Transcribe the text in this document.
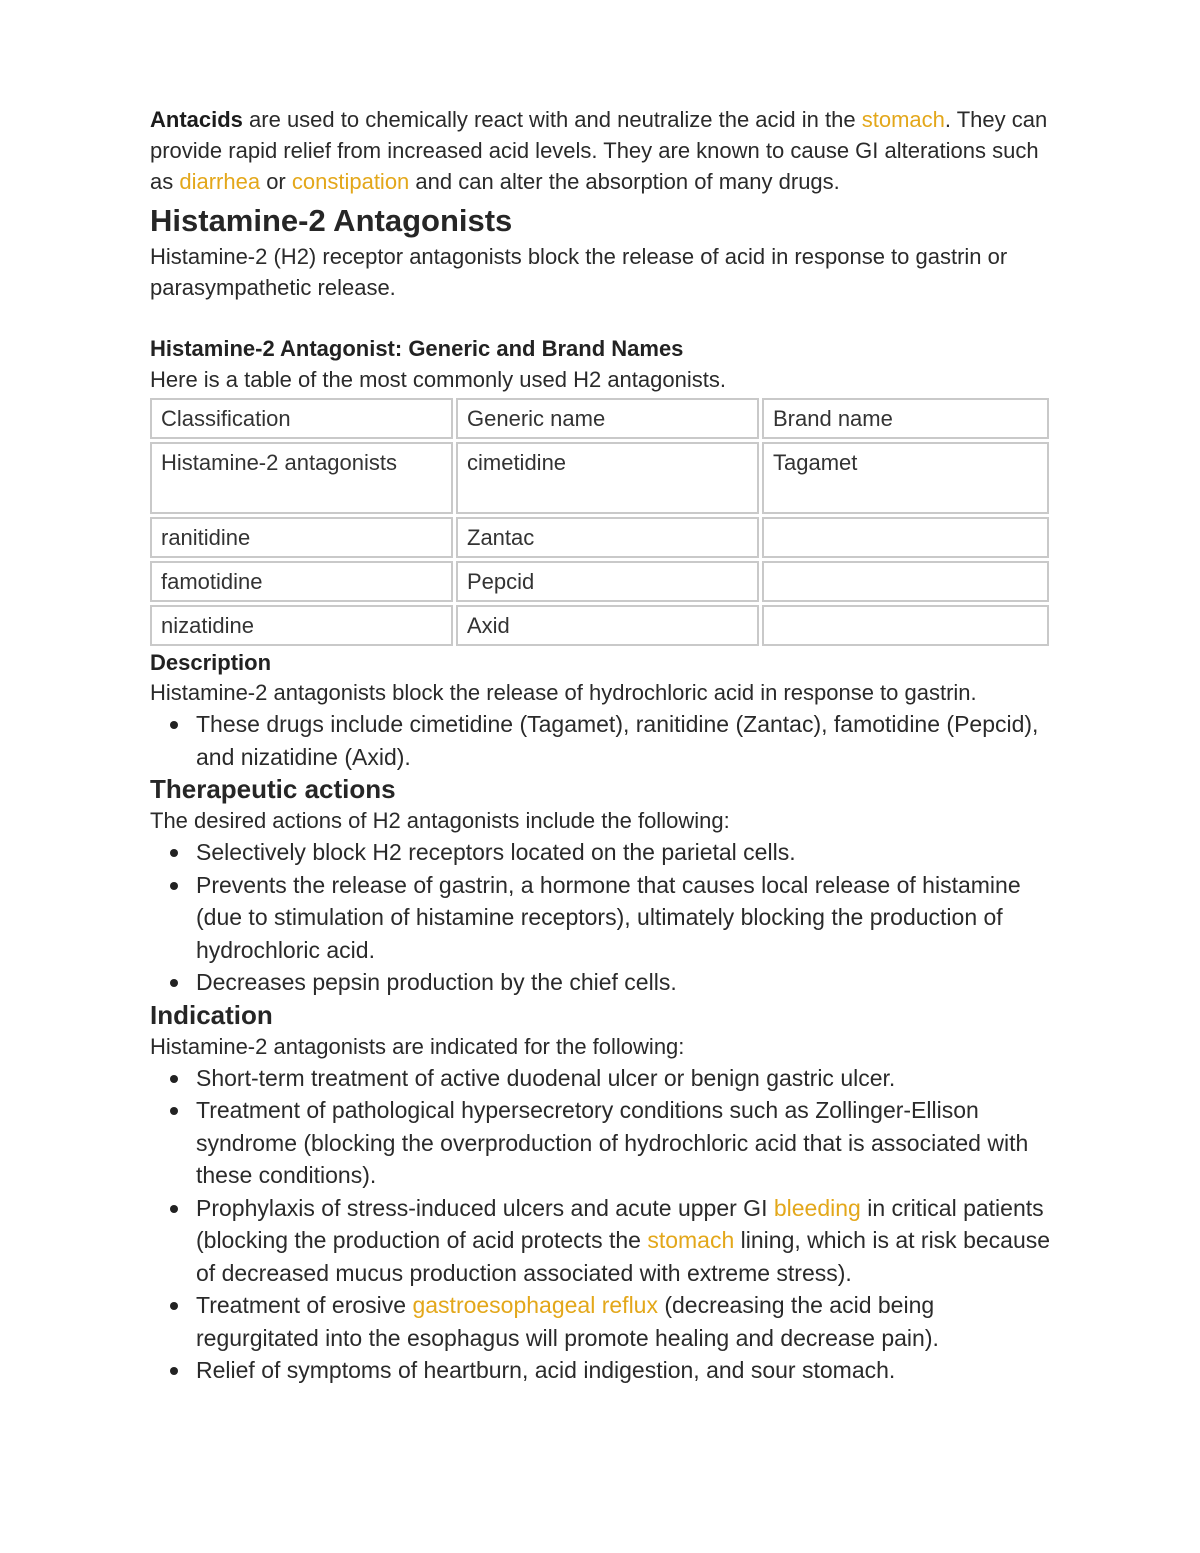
Antacids are used to chemically react with and neutralize the acid in the stomach. They can provide rapid relief from increased acid levels. They are known to cause GI alterations such as diarrhea or constipation and can alter the absorption of many drugs.

Histamine-2 Antagonists

Histamine-2 (H2) receptor antagonists block the release of acid in response to gastrin or parasympathetic release.

Histamine-2 Antagonist: Generic and Brand Names

Here is a table of the most commonly used H2 antagonists.

Classification	Generic name	Brand name
Histamine-2 antagonists	cimetidine	Tagamet
ranitidine	Zantac	
famotidine	Pepcid	
nizatidine	Axid	

Description

Histamine-2 antagonists block the release of hydrochloric acid in response to gastrin.

These drugs include cimetidine (Tagamet), ranitidine (Zantac), famotidine (Pepcid), and nizatidine (Axid).

Therapeutic actions

The desired actions of H2 antagonists include the following:

Selectively block H2 receptors located on the parietal cells.
Prevents the release of gastrin, a hormone that causes local release of histamine (due to stimulation of histamine receptors), ultimately blocking the production of hydrochloric acid.
Decreases pepsin production by the chief cells.

Indication

Histamine-2 antagonists are indicated for the following:

Short-term treatment of active duodenal ulcer or benign gastric ulcer.
Treatment of pathological hypersecretory conditions such as Zollinger-Ellison syndrome (blocking the overproduction of hydrochloric acid that is associated with these conditions).
Prophylaxis of stress-induced ulcers and acute upper GI bleeding in critical patients (blocking the production of acid protects the stomach lining, which is at risk because of decreased mucus production associated with extreme stress).
Treatment of erosive gastroesophageal reflux (decreasing the acid being regurgitated into the esophagus will promote healing and decrease pain).
Relief of symptoms of heartburn, acid indigestion, and sour stomach.
